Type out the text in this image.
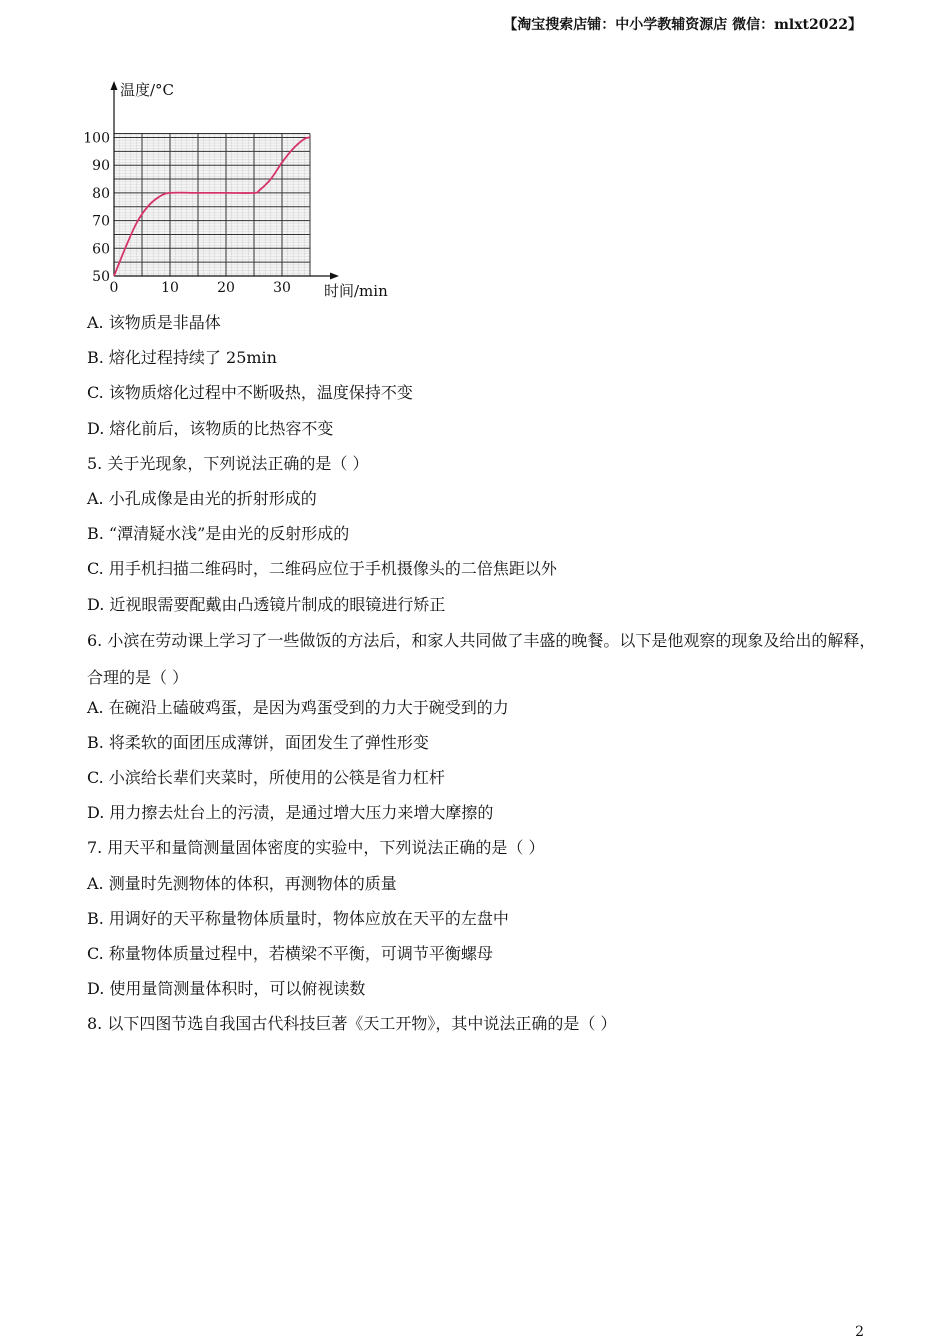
【淘宝搜索店铺：中小学教辅资源店 微信：mlxt2022】
50
60
70
80
90
100
0	10	20	30
温度/°C
时间/min

A. 该物质是非晶体

B. 熔化过程持续了 25min

C. 该物质熔化过程中不断吸热，温度保持不变

D. 熔化前后，该物质的比热容不变

5. 关于光现象，下列说法正确的是（ ）

A. 小孔成像是由光的折射形成的

B. “潭清疑水浅”是由光的反射形成的

C. 用手机扫描二维码时，二维码应位于手机摄像头的二倍焦距以外

D. 近视眼需要配戴由凸透镜片制成的眼镜进行矫正

6. 小滨在劳动课上学习了一些做饭的方法后，和家人共同做了丰盛的晚餐。以下是他观察的现象及给出的解释，合理的是（ ）

A. 在碗沿上磕破鸡蛋，是因为鸡蛋受到的力大于碗受到的力

B. 将柔软的面团压成薄饼，面团发生了弹性形变

C. 小滨给长辈们夹菜时，所使用的公筷是省力杠杆

D. 用力擦去灶台上的污渍，是通过增大压力来增大摩擦的

7. 用天平和量筒测量固体密度的实验中，下列说法正确的是（ ）

A. 测量时先测物体的体积，再测物体的质量

B. 用调好的天平称量物体质量时，物体应放在天平的左盘中

C. 称量物体质量过程中，若横梁不平衡，可调节平衡螺母

D. 使用量筒测量体积时，可以俯视读数

8. 以下四图节选自我国古代科技巨著《天工开物》，其中说法正确的是（ ）

2
